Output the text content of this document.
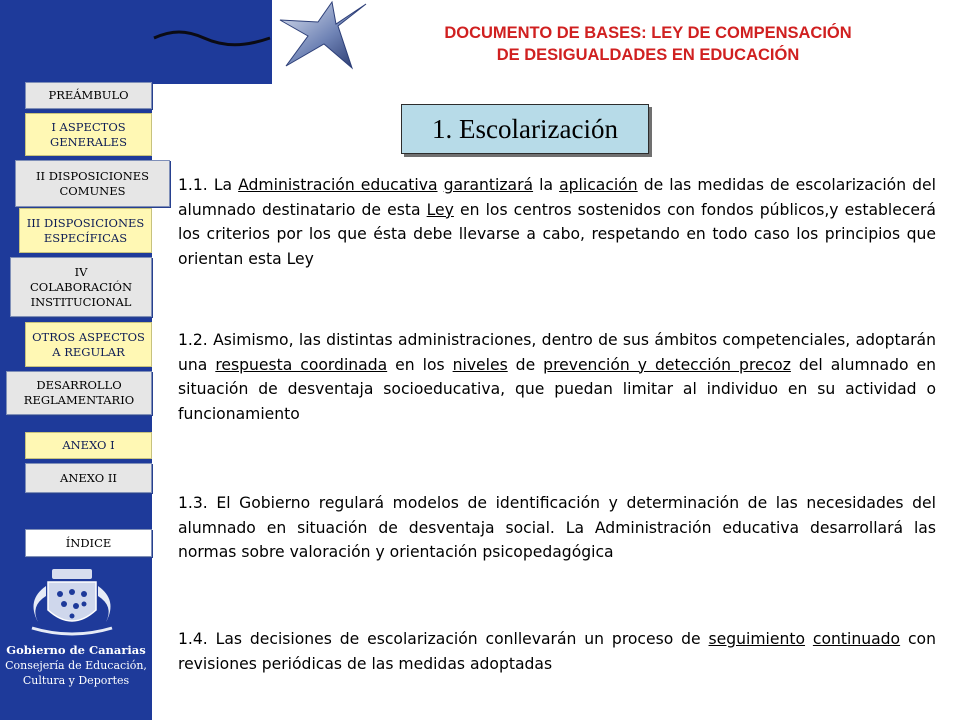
DOCUMENTO DE BASES: LEY DE COMPENSACIÓN
DE DESIGUALDADES EN EDUCACIÓN
PREÁMBULO
I ASPECTOS
GENERALES
II DISPOSICIONES
COMUNES
III DISPOSICIONES
ESPECÍFICAS
IV
COLABORACIÓN
INSTITUCIONAL
OTROS ASPECTOS
A REGULAR
DESARROLLO
REGLAMENTARIO
ANEXO I
ANEXO II
ÍNDICE
Gobierno de Canarias
Consejería de Educación,
Cultura y Deportes
1. Escolarización

1.1. La Administración educativa garantizará la aplicación de las medidas de escolarización del alumnado destinatario de esta Ley en los centros sostenidos con fondos públicos,y establecerá los criterios por los que ésta debe llevarse a cabo, respetando en todo caso los principios que orientan esta Ley

1.2. Asimismo, las distintas administraciones, dentro de sus ámbitos competenciales, adoptarán una respuesta coordinada en los niveles de prevención y detección precoz del alumnado en situación de desventaja socioeducativa, que puedan limitar al individuo en su actividad o funcionamiento

1.3. El Gobierno regulará modelos de identificación y determinación de las necesidades del alumnado en situación de desventaja social. La Administración educativa desarrollará las normas sobre valoración y orientación psicopedagógica

1.4. Las decisiones de escolarización conllevarán un proceso de seguimiento continuado con revisiones periódicas de las medidas adoptadas
